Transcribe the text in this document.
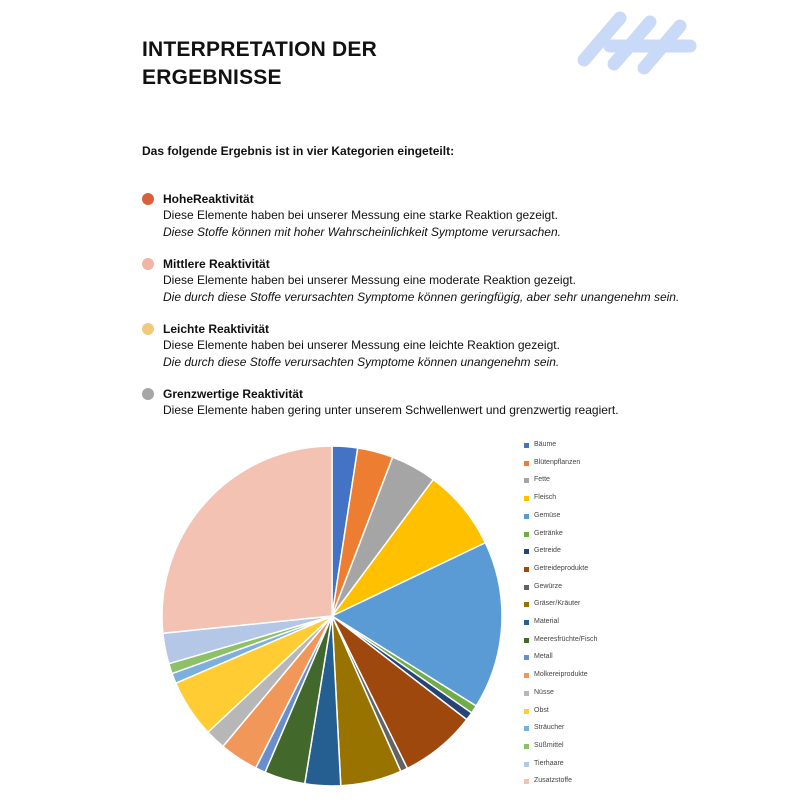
INTERPRETATION DER
ERGEBNISSE

Das folgende Ergebnis ist in vier Kategorien eingeteilt:

HoheReaktivität
Diese Elemente haben bei unserer Messung eine starke Reaktion gezeigt.
Diese Stoffe können mit hoher Wahrscheinlichkeit Symptome verursachen.
Mittlere Reaktivität
Diese Elemente haben bei unserer Messung eine moderate Reaktion gezeigt.
Die durch diese Stoffe verursachten Symptome können geringfügig, aber sehr unangenehm sein.
Leichte Reaktivität
Diese Elemente haben bei unserer Messung eine leichte Reaktion gezeigt.
Die durch diese Stoffe verursachten Symptome können unangenehm sein.
Grenzwertige Reaktivität
Diese Elemente haben gering unter unserem Schwellenwert und grenzwertig reagiert.
Bäume
Blütenpflanzen
Fette
Fleisch
Gemüse
Getränke
Getreide
Getreideprodukte
Gewürze
Gräser/Kräuter
Material
Meeresfrüchte/Fisch
Metall
Molkereiprodukte
Nüsse
Obst
Sträucher
Süßmittel
Tierhaare
Zusatzstoffe
